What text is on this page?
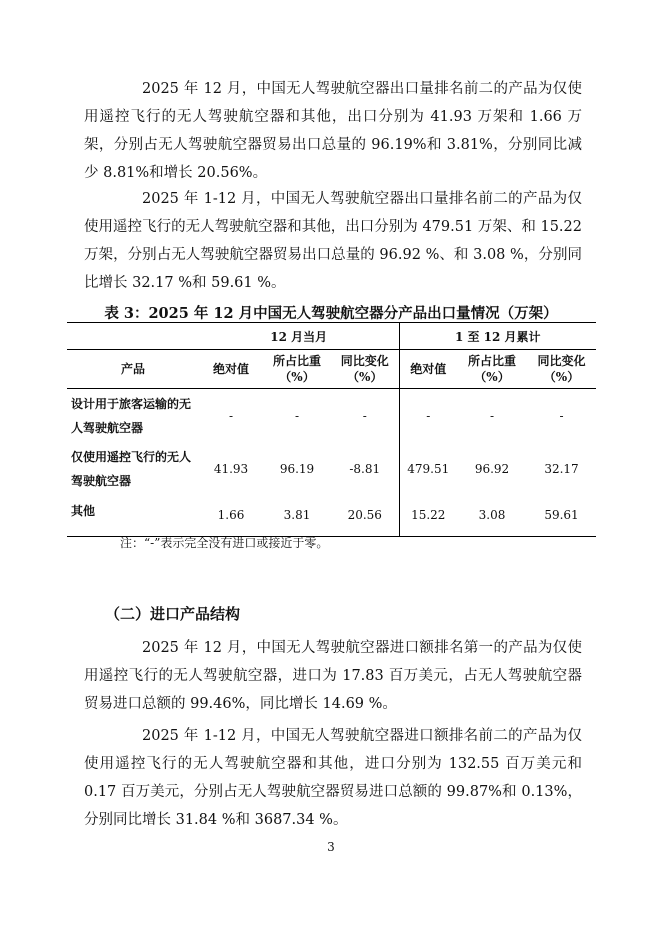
2025 年 12 月，中国无人驾驶航空器出口量排名前二的产品为仅使用遥控飞行的无人驾驶航空器和其他，出口分别为 41.93 万架和 1.66 万架，分别占无人驾驶航空器贸易出口总量的 96.19%和 3.81%，分别同比减少 8.81%和增长 20.56%。

2025 年 1-12 月，中国无人驾驶航空器出口量排名前二的产品为仅使用遥控飞行的无人驾驶航空器和其他，出口分别为 479.51 万架、和 15.22 万架，分别占无人驾驶航空器贸易出口总量的 96.92 %、和 3.08 %，分别同比增长 32.17 %和 59.61 %。

表 3：2025 年 12 月中国无人驾驶航空器分产品出口量情况（万架）

	12 月当月			1 至 12 月累计		
产品	绝对值	所占比重（%）	同比变化（%）	绝对值	所占比重（%）	同比变化（%）
设计用于旅客运输的无人驾驶航空器	-	-	-	-	-	-
仅使用遥控飞行的无人驾驶航空器	41.93	96.19	-8.81	479.51	96.92	32.17
其他	1.66	3.81	20.56	15.22	3.08	59.61

注：“-”表示完全没有进口或接近于零。

（二）进口产品结构

2025 年 12 月，中国无人驾驶航空器进口额排名第一的产品为仅使用遥控飞行的无人驾驶航空器，进口为 17.83 百万美元，占无人驾驶航空器贸易进口总额的 99.46%，同比增长 14.69 %。

2025 年 1-12 月，中国无人驾驶航空器进口额排名前二的产品为仅使用遥控飞行的无人驾驶航空器和其他，进口分别为 132.55 百万美元和 0.17 百万美元，分别占无人驾驶航空器贸易进口总额的 99.87%和 0.13%，分别同比增长 31.84 %和 3687.34 %。

3
